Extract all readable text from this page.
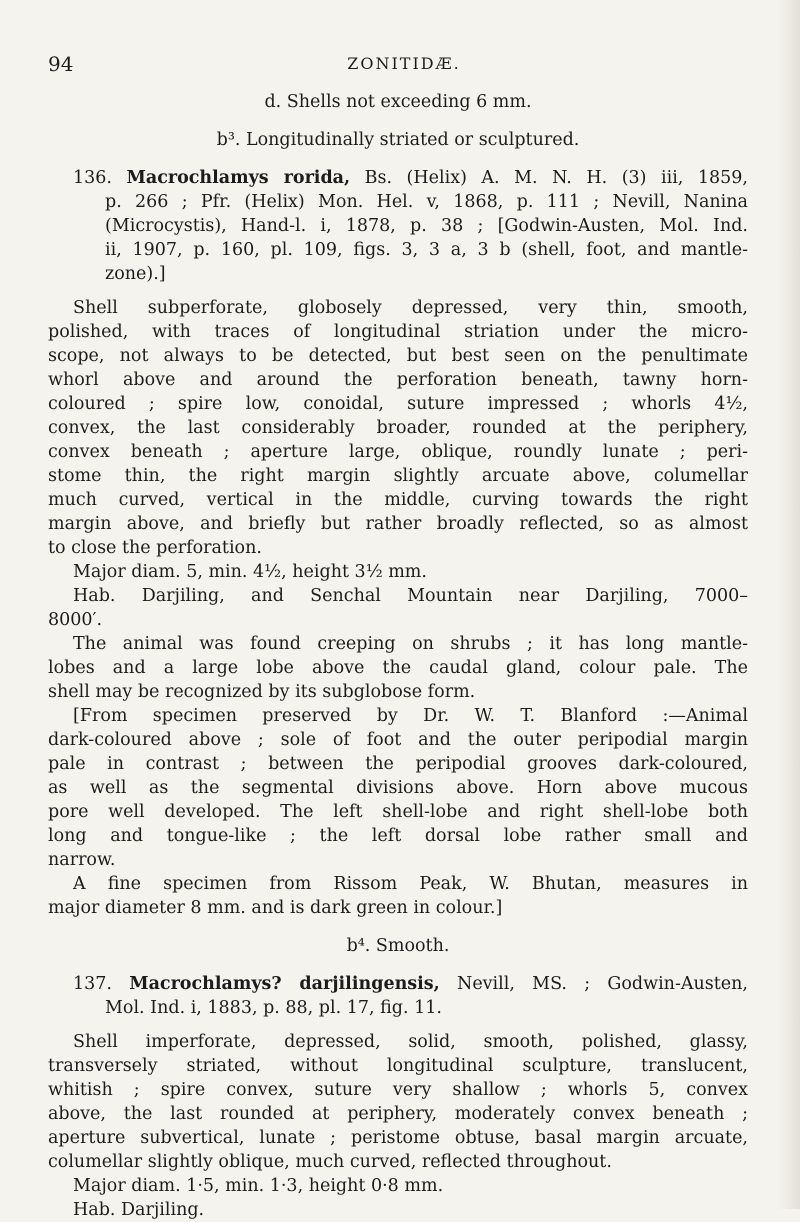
94	ZONITIDÆ.
d. Shells not exceeding 6 mm.
b³. Longitudinally striated or sculptured.
136. Macrochlamys rorida, Bs. (Helix) A. M. N. H. (3) iii, 1859,
p. 266 ; Pfr. (Helix) Mon. Hel. v, 1868, p. 111 ; Nevill, Nanina
(Microcystis), Hand-l. i, 1878, p. 38 ; [Godwin-Austen, Mol. Ind.
ii, 1907, p. 160, pl. 109, figs. 3, 3 a, 3 b (shell, foot, and mantle-
zone).]
Shell subperforate, globosely depressed, very thin, smooth,
polished, with traces of longitudinal striation under the micro-
scope, not always to be detected, but best seen on the penultimate
whorl above and around the perforation beneath, tawny horn-
coloured ; spire low, conoidal, suture impressed ; whorls 4½,
convex, the last considerably broader, rounded at the periphery,
convex beneath ; aperture large, oblique, roundly lunate ; peri-
stome thin, the right margin slightly arcuate above, columellar
much curved, vertical in the middle, curving towards the right
margin above, and briefly but rather broadly reflected, so as almost
to close the perforation.
Major diam. 5, min. 4½, height 3½ mm.
Hab. Darjiling, and Senchal Mountain near Darjiling, 7000–
8000′.
The animal was found creeping on shrubs ; it has long mantle-
lobes and a large lobe above the caudal gland, colour pale. The
shell may be recognized by its subglobose form.
[From specimen preserved by Dr. W. T. Blanford :—Animal
dark-coloured above ; sole of foot and the outer peripodial margin
pale in contrast ; between the peripodial grooves dark-coloured,
as well as the segmental divisions above. Horn above mucous
pore well developed. The left shell-lobe and right shell-lobe both
long and tongue-like ; the left dorsal lobe rather small and
narrow.
A fine specimen from Rissom Peak, W. Bhutan, measures in
major diameter 8 mm. and is dark green in colour.]
b⁴. Smooth.
137. Macrochlamys? darjilingensis, Nevill, MS. ; Godwin-Austen,
Mol. Ind. i, 1883, p. 88, pl. 17, fig. 11.
Shell imperforate, depressed, solid, smooth, polished, glassy,
transversely striated, without longitudinal sculpture, translucent,
whitish ; spire convex, suture very shallow ; whorls 5, convex
above, the last rounded at periphery, moderately convex beneath ;
aperture subvertical, lunate ; peristome obtuse, basal margin arcuate,
columellar slightly oblique, much curved, reflected throughout.
Major diam. 1·5, min. 1·3, height 0·8 mm.
Hab. Darjiling.
